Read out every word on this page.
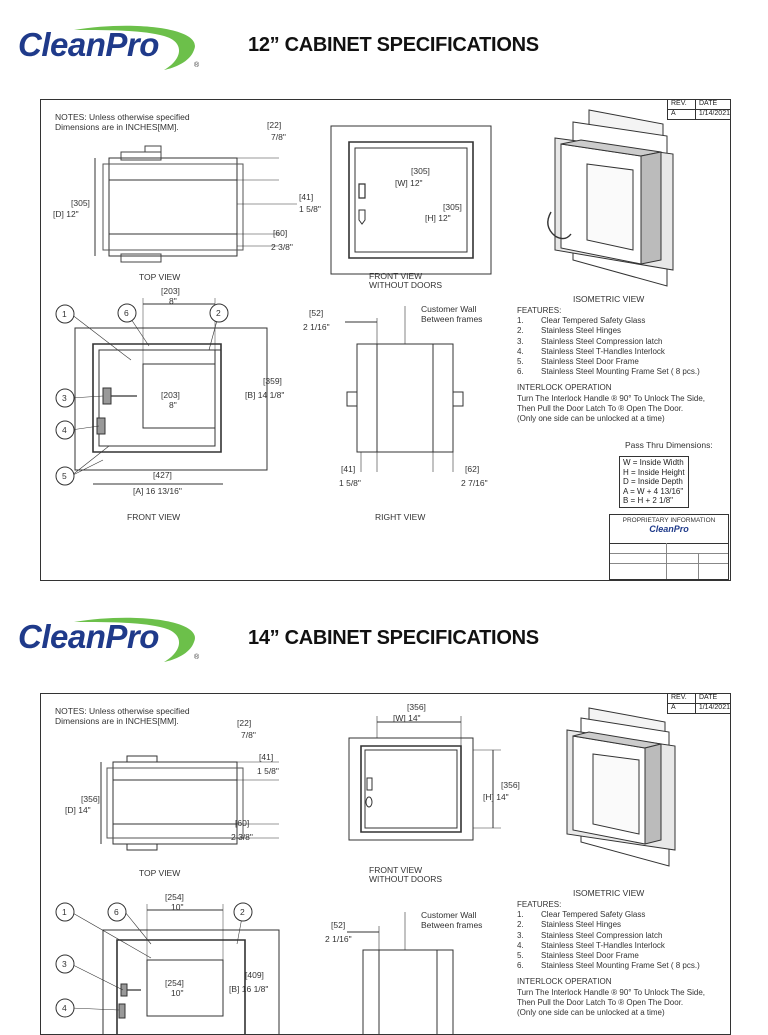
CleanPro
®
12” CABINET SPECIFICATIONS
1	6	2
3
4
5
NOTES: Unless otherwise specified Dimensions are in INCHES[MM].
REV.	DATE
A	1/14/2021
[305]
[D] 12"
[22]
7/8"
[41]
1 5/8"
[60]
2 3/8"
TOP VIEW
[305]
[W] 12"
[305]
[H] 12"
FRONT VIEW WITHOUT DOORS
ISOMETRIC VIEW
[203]
8"
[203]
8"
[359]
[B] 14 1/8"
[427]
[A] 16 13/16"
FRONT VIEW
[52]
2 1/16"
Customer Wall Between frames
[41]
1 5/8"
[62]
2 7/16"
RIGHT VIEW
FEATURES:
1. Clear Tempered Safety Glass
2. Stainless Steel Hinges
3. Stainless Steel Compression latch
4. Stainless Steel T-Handles Interlock
5. Stainless Steel Door Frame
6. Stainless Steel Mounting Frame Set ( 8 pcs.)
INTERLOCK OPERATION
Turn The Interlock Handle ® 90° To Unlock The Side,
Then Pull the Door Latch To ® Open The Door.
(Only one side can be unlocked at a time)
Pass Thru Dimensions:
W = Inside Width
H = Inside Height
D = Inside Depth
A = W + 4 13/16"
B = H + 2 1/8"
PROPRIETARY INFORMATION
CleanPro
CleanPro
®
14” CABINET SPECIFICATIONS
1	6	2
3
4
NOTES: Unless otherwise specified Dimensions are in INCHES[MM].
REV.	DATE
A	1/14/2021
[356]
[D] 14"
[22]
7/8"
[41]
1 5/8"
[60]
2 3/8"
TOP VIEW
[356]
[W] 14"
[356]
[H] 14"
FRONT VIEW WITHOUT DOORS
ISOMETRIC VIEW
[254]
10"
[254]
10"
[409]
[B] 16 1/8"
[52]
2 1/16"
Customer Wall Between frames
FEATURES:
1. Clear Tempered Safety Glass
2. Stainless Steel Hinges
3. Stainless Steel Compression latch
4. Stainless Steel T-Handles Interlock
5. Stainless Steel Door Frame
6. Stainless Steel Mounting Frame Set ( 8 pcs.)
INTERLOCK OPERATION
Turn The Interlock Handle ® 90° To Unlock The Side,
Then Pull the Door Latch To ® Open The Door.
(Only one side can be unlocked at a time)
